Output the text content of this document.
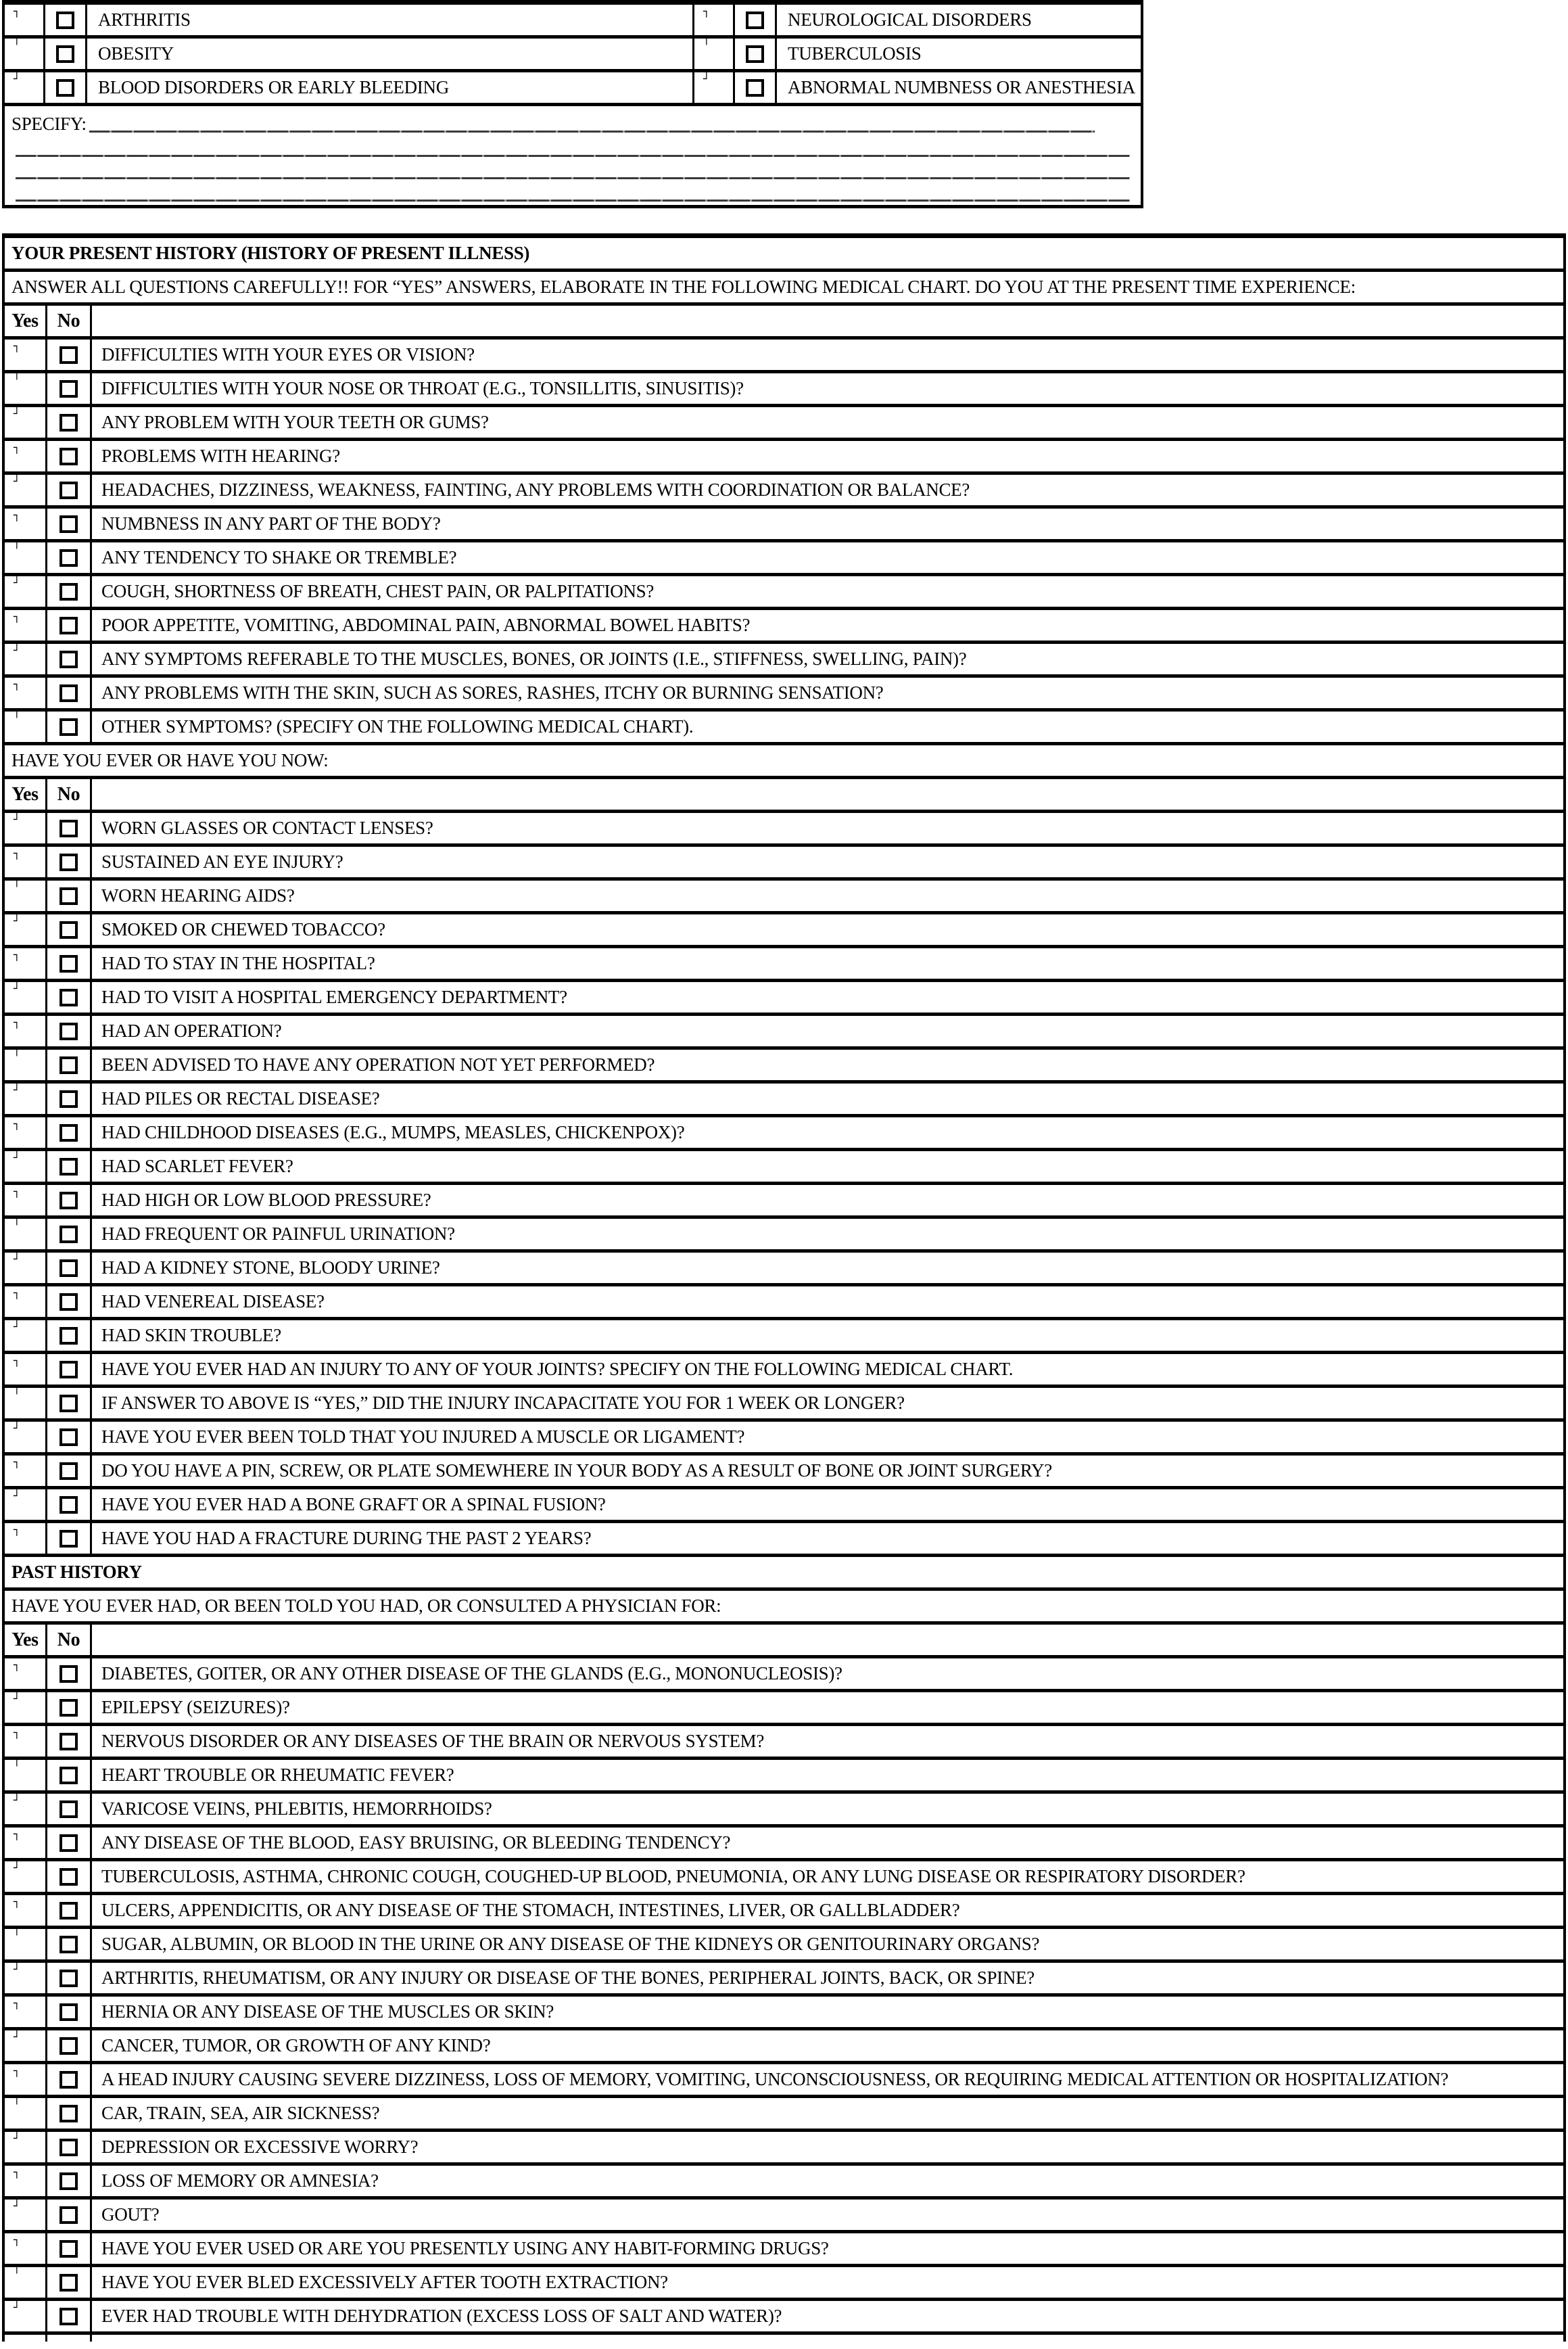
┐	ARTHRITIS	┐	NEUROLOGICAL DISORDERS
╵	OBESITY	╵	TUBERCULOSIS
┘	BLOOD DISORDERS OR EARLY BLEEDING	┘	ABNORMAL NUMBNESS OR ANESTHESIA
SPECIFY:
YOUR PRESENT HISTORY (HISTORY OF PRESENT ILLNESS)
ANSWER ALL QUESTIONS CAREFULLY!! FOR “YES” ANSWERS, ELABORATE IN THE FOLLOWING MEDICAL CHART. DO YOU AT THE PRESENT TIME EXPERIENCE:
Yes No
┐	DIFFICULTIES WITH YOUR EYES OR VISION?
╵	DIFFICULTIES WITH YOUR NOSE OR THROAT (E.G., TONSILLITIS, SINUSITIS)?
┘	ANY PROBLEM WITH YOUR TEETH OR GUMS?
┐	PROBLEMS WITH HEARING?
┘	HEADACHES, DIZZINESS, WEAKNESS, FAINTING, ANY PROBLEMS WITH COORDINATION OR BALANCE?
┐	NUMBNESS IN ANY PART OF THE BODY?
╵	ANY TENDENCY TO SHAKE OR TREMBLE?
┘	COUGH, SHORTNESS OF BREATH, CHEST PAIN, OR PALPITATIONS?
┐	POOR APPETITE, VOMITING, ABDOMINAL PAIN, ABNORMAL BOWEL HABITS?
┘	ANY SYMPTOMS REFERABLE TO THE MUSCLES, BONES, OR JOINTS (I.E., STIFFNESS, SWELLING, PAIN)?
┐	ANY PROBLEMS WITH THE SKIN, SUCH AS SORES, RASHES, ITCHY OR BURNING SENSATION?
╵	OTHER SYMPTOMS? (SPECIFY ON THE FOLLOWING MEDICAL CHART).
HAVE YOU EVER OR HAVE YOU NOW:
Yes No
┘	WORN GLASSES OR CONTACT LENSES?
┐	SUSTAINED AN EYE INJURY?
╵	WORN HEARING AIDS?
┘	SMOKED OR CHEWED TOBACCO?
┐	HAD TO STAY IN THE HOSPITAL?
┘	HAD TO VISIT A HOSPITAL EMERGENCY DEPARTMENT?
┐	HAD AN OPERATION?
╵	BEEN ADVISED TO HAVE ANY OPERATION NOT YET PERFORMED?
┘	HAD PILES OR RECTAL DISEASE?
┐	HAD CHILDHOOD DISEASES (E.G., MUMPS, MEASLES, CHICKENPOX)?
┘	HAD SCARLET FEVER?
┐	HAD HIGH OR LOW BLOOD PRESSURE?
╵	HAD FREQUENT OR PAINFUL URINATION?
┘	HAD A KIDNEY STONE, BLOODY URINE?
┐	HAD VENEREAL DISEASE?
┘	HAD SKIN TROUBLE?
┐	HAVE YOU EVER HAD AN INJURY TO ANY OF YOUR JOINTS? SPECIFY ON THE FOLLOWING MEDICAL CHART.
╵	IF ANSWER TO ABOVE IS “YES,” DID THE INJURY INCAPACITATE YOU FOR 1 WEEK OR LONGER?
┘	HAVE YOU EVER BEEN TOLD THAT YOU INJURED A MUSCLE OR LIGAMENT?
┐	DO YOU HAVE A PIN, SCREW, OR PLATE SOMEWHERE IN YOUR BODY AS A RESULT OF BONE OR JOINT SURGERY?
┘	HAVE YOU EVER HAD A BONE GRAFT OR A SPINAL FUSION?
┐	HAVE YOU HAD A FRACTURE DURING THE PAST 2 YEARS?
PAST HISTORY
HAVE YOU EVER HAD, OR BEEN TOLD YOU HAD, OR CONSULTED A PHYSICIAN FOR:
Yes No
┐	DIABETES, GOITER, OR ANY OTHER DISEASE OF THE GLANDS (E.G., MONONUCLEOSIS)?
┘	EPILEPSY (SEIZURES)?
┐	NERVOUS DISORDER OR ANY DISEASES OF THE BRAIN OR NERVOUS SYSTEM?
╵	HEART TROUBLE OR RHEUMATIC FEVER?
┘	VARICOSE VEINS, PHLEBITIS, HEMORRHOIDS?
┐	ANY DISEASE OF THE BLOOD, EASY BRUISING, OR BLEEDING TENDENCY?
┘	TUBERCULOSIS, ASTHMA, CHRONIC COUGH, COUGHED-UP BLOOD, PNEUMONIA, OR ANY LUNG DISEASE OR RESPIRATORY DISORDER?
┐	ULCERS, APPENDICITIS, OR ANY DISEASE OF THE STOMACH, INTESTINES, LIVER, OR GALLBLADDER?
╵	SUGAR, ALBUMIN, OR BLOOD IN THE URINE OR ANY DISEASE OF THE KIDNEYS OR GENITOURINARY ORGANS?
┘	ARTHRITIS, RHEUMATISM, OR ANY INJURY OR DISEASE OF THE BONES, PERIPHERAL JOINTS, BACK, OR SPINE?
┐	HERNIA OR ANY DISEASE OF THE MUSCLES OR SKIN?
┘	CANCER, TUMOR, OR GROWTH OF ANY KIND?
┐	A HEAD INJURY CAUSING SEVERE DIZZINESS, LOSS OF MEMORY, VOMITING, UNCONSCIOUSNESS, OR REQUIRING MEDICAL ATTENTION OR HOSPITALIZATION?
╵	CAR, TRAIN, SEA, AIR SICKNESS?
┘	DEPRESSION OR EXCESSIVE WORRY?
┐	LOSS OF MEMORY OR AMNESIA?
┘	GOUT?
┐	HAVE YOU EVER USED OR ARE YOU PRESENTLY USING ANY HABIT-FORMING DRUGS?
╵	HAVE YOU EVER BLED EXCESSIVELY AFTER TOOTH EXTRACTION?
┘	EVER HAD TROUBLE WITH DEHYDRATION (EXCESS LOSS OF SALT AND WATER)?
